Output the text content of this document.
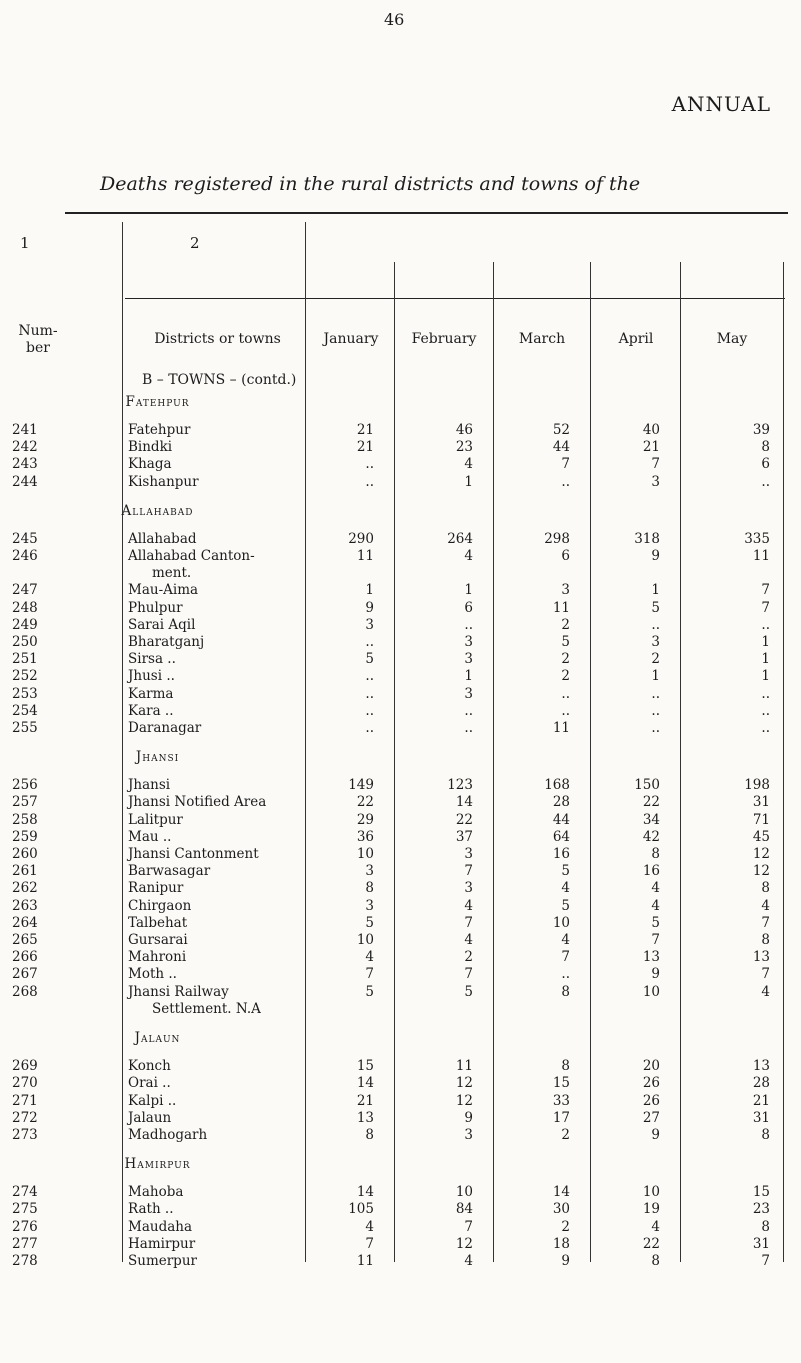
46
ANNUAL
Deaths registered in the rural districts and towns of the
1	2
Num-ber
Districts or towns	January	February	March	April	May
B – TOWNS – (contd.)
Fatehpur						
241	Fatehpur	21	46	52	40	39
242	Bindki	21	23	44	21	8
243	Khaga	..	4	7	7	6
244	Kishanpur	..	1	..	3	..
Allahabad						
245	Allahabad	290	264	298	318	335
246	Allahabad Canton-	11	4	6	9	11
	ment.					
247	Mau-Aima	1	1	3	1	7
248	Phulpur	9	6	11	5	7
249	Sarai Aqil	3	..	2	..	..
250	Bharatganj	..	3	5	3	1
251	Sirsa ..	5	3	2	2	1
252	Jhusi ..	..	1	2	1	1
253	Karma	..	3	..	..	..
254	Kara ..	..	..	..	..	..
255	Daranagar	..	..	11	..	..
Jhansi						
256	Jhansi	149	123	168	150	198
257	Jhansi Notified Area	22	14	28	22	31
258	Lalitpur	29	22	44	34	71
259	Mau ..	36	37	64	42	45
260	Jhansi Cantonment	10	3	16	8	12
261	Barwasagar	3	7	5	16	12
262	Ranipur	8	3	4	4	8
263	Chirgaon	3	4	5	4	4
264	Talbehat	5	7	10	5	7
265	Gursarai	10	4	4	7	8
266	Mahroni	4	2	7	13	13
267	Moth ..	7	7	..	9	7
268	Jhansi Railway	5	5	8	10	4
	Settlement. N.A					
Jalaun						
269	Konch	15	11	8	20	13
270	Orai ..	14	12	15	26	28
271	Kalpi ..	21	12	33	26	21
272	Jalaun	13	9	17	27	31
273	Madhogarh	8	3	2	9	8
Hamirpur						
274	Mahoba	14	10	14	10	15
275	Rath ..	105	84	30	19	23
276	Maudaha	4	7	2	4	8
277	Hamirpur	7	12	18	22	31
278	Sumerpur	11	4	9	8	7
